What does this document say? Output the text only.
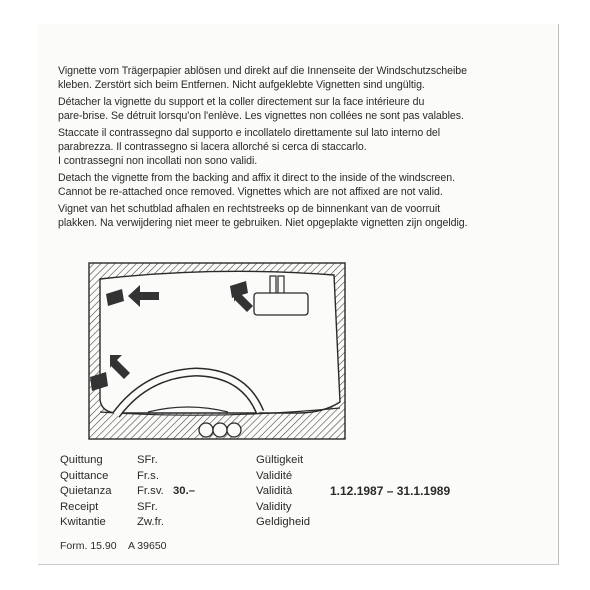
Vignette vom Trägerpapier ablösen und direkt auf die Innenseite der Windschutzscheibe
kleben. Zerstört sich beim Entfernen. Nicht aufgeklebte Vignetten sind ungültig.
Détacher la vignette du support et la coller directement sur la face intérieure du
pare-brise. Se détruit lorsqu'on l'enlève. Les vignettes non collées ne sont pas valables.
Staccate il contrassegno dal supporto e incollatelo direttamente sul lato interno del
parabrezza. Il contrassegno si lacera allorché si cerca di staccarlo.
I contrassegni non incollati non sono validi.
Detach the vignette from the backing and affix it direct to the inside of the windscreen.
Cannot be re-attached once removed. Vignettes which are not affixed are not valid.
Vignet van het schutblad afhalen en rechtstreeks op de binnenkant van de voorruit
plakken. Na verwijdering niet meer te gebruiken. Niet opgeplakte vignetten zijn ongeldig.
Quittung
Quittance
Quietanza
Receipt
Kwitantie
SFr.
Fr.s.
Fr.sv.
SFr.
Zw.fr.
30.–
Gültigkeit
Validité
Validità
Validity
Geldigheid
1.12.1987 – 31.1.1989
Form. 15.90 A 39650
